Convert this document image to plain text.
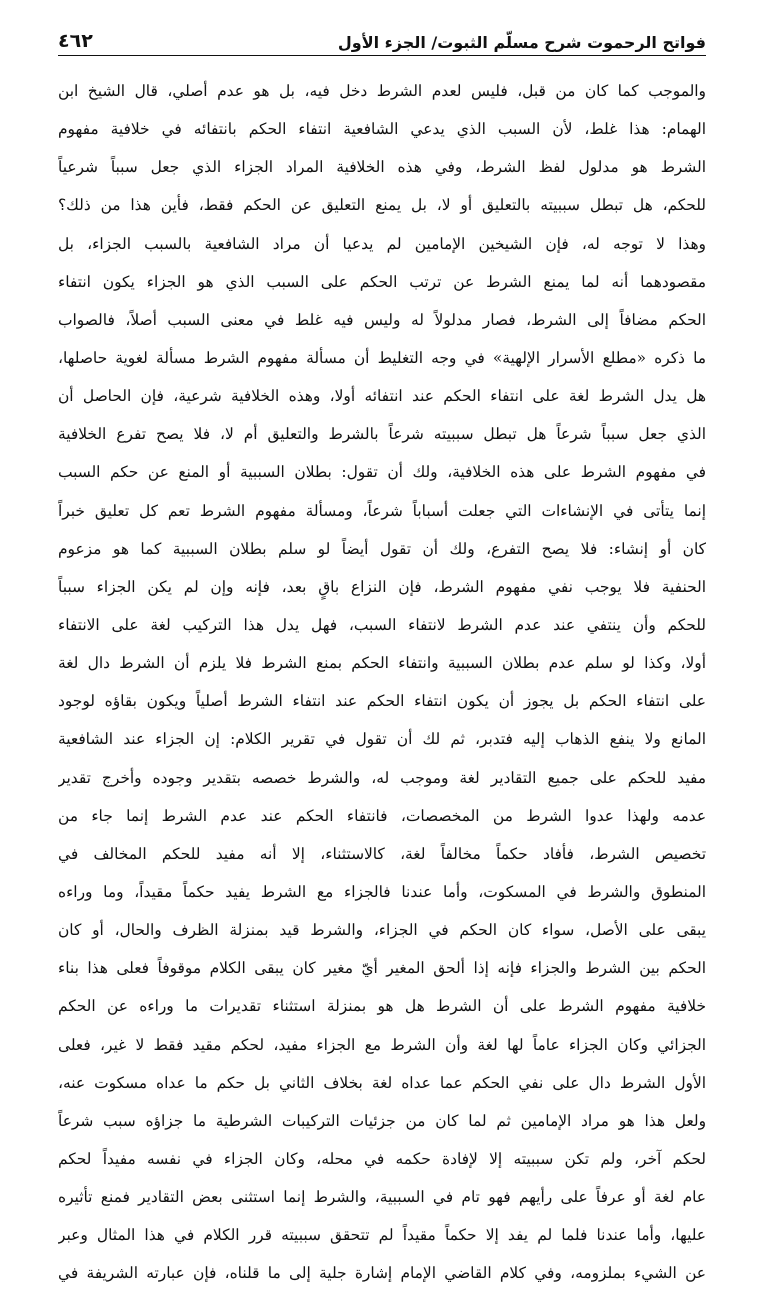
فواتح الرحموت شرح مسلّم الثبوت/ الجزء الأول
٤٦٢
والموجب كما كان من قبل، فليس لعدم الشرط دخل فيه، بل هو عدم أصلي، قال الشيخ ابن
الهمام: هذا غلط، لأن السبب الذي يدعي الشافعية انتفاء الحكم بانتفائه في خلافية مفهوم
الشرط هو مدلول لفظ الشرط، وفي هذه الخلافية المراد الجزاء الذي جعل سبباً شرعياً
للحكم، هل تبطل سببيته بالتعليق أو لا، بل يمنع التعليق عن الحكم فقط، فأين هذا من ذلك؟
وهذا لا توجه له، فإن الشيخين الإمامين لم يدعيا أن مراد الشافعية بالسبب الجزاء، بل
مقصودهما أنه لما يمنع الشرط عن ترتب الحكم على السبب الذي هو الجزاء يكون انتفاء
الحكم مضافاً إلى الشرط، فصار مدلولاً له وليس فيه غلط في معنى السبب أصلاً، فالصواب
ما ذكره «مطلع الأسرار الإلهية» في وجه التغليط أن مسألة مفهوم الشرط مسألة لغوية حاصلها،
هل يدل الشرط لغة على انتفاء الحكم عند انتفائه أولا، وهذه الخلافية شرعية، فإن الحاصل أن
الذي جعل سبباً شرعاً هل تبطل سببيته شرعاً بالشرط والتعليق أم لا، فلا يصح تفرع الخلافية
في مفهوم الشرط على هذه الخلافية، ولك أن تقول: بطلان السببية أو المنع عن حكم السبب
إنما يتأتى في الإنشاءات التي جعلت أسباباً شرعاً، ومسألة مفهوم الشرط تعم كل تعليق خبراً
كان أو إنشاء: فلا يصح التفرع، ولك أن تقول أيضاً لو سلم بطلان السببية كما هو مزعوم
الحنفية فلا يوجب نفي مفهوم الشرط، فإن النزاع باقٍ بعد، فإنه وإن لم يكن الجزاء سبباً
للحكم وأن ينتفي عند عدم الشرط لانتفاء السبب، فهل يدل هذا التركيب لغة على الانتفاء
أولا، وكذا لو سلم عدم بطلان السببية وانتفاء الحكم بمنع الشرط فلا يلزم أن الشرط دال لغة
على انتفاء الحكم بل يجوز أن يكون انتفاء الحكم عند انتفاء الشرط أصلياً ويكون بقاؤه لوجود
المانع ولا ينفع الذهاب إليه فتدبر، ثم لك أن تقول في تقرير الكلام: إن الجزاء عند الشافعية
مفيد للحكم على جميع التقادير لغة وموجب له، والشرط خصصه بتقدير وجوده وأخرج تقدير
عدمه ولهذا عدوا الشرط من المخصصات، فانتفاء الحكم عند عدم الشرط إنما جاء من
تخصيص الشرط، فأفاد حكماً مخالفاً لغة، كالاستثناء، إلا أنه مفيد للحكم المخالف في
المنطوق والشرط في المسكوت، وأما عندنا فالجزاء مع الشرط يفيد حكماً مقيداً، وما وراءه
يبقى على الأصل، سواء كان الحكم في الجزاء، والشرط قيد بمنزلة الظرف والحال، أو كان
الحكم بين الشرط والجزاء فإنه إذا ألحق المغير أيّ مغير كان يبقى الكلام موقوفاً فعلى هذا بناء
خلافية مفهوم الشرط على أن الشرط هل هو بمنزلة استثناء تقديرات ما وراءه عن الحكم
الجزائي وكان الجزاء عاماً لها لغة وأن الشرط مع الجزاء مفيد، لحكم مقيد فقط لا غير، فعلى
الأول الشرط دال على نفي الحكم عما عداه لغة بخلاف الثاني بل حكم ما عداه مسكوت عنه،
ولعل هذا هو مراد الإمامين ثم لما كان من جزئيات التركيبات الشرطية ما جزاؤه سبب شرعاً
لحكم آخر، ولم تكن سببيته إلا لإفادة حكمه في محله، وكان الجزاء في نفسه مفيداً لحكم
عام لغة أو عرفاً على رأيهم فهو تام في السببية، والشرط إنما استثنى بعض التقادير فمنع تأثيره
عليها، وأما عندنا فلما لم يفد إلا حكماً مقيداً لم تتحقق سببيته قرر الكلام في هذا المثال وعبر
عن الشيء بملزومه، وفي كلام القاضي الإمام إشارة جلية إلى ما قلناه، فإن عبارته الشريفة في
